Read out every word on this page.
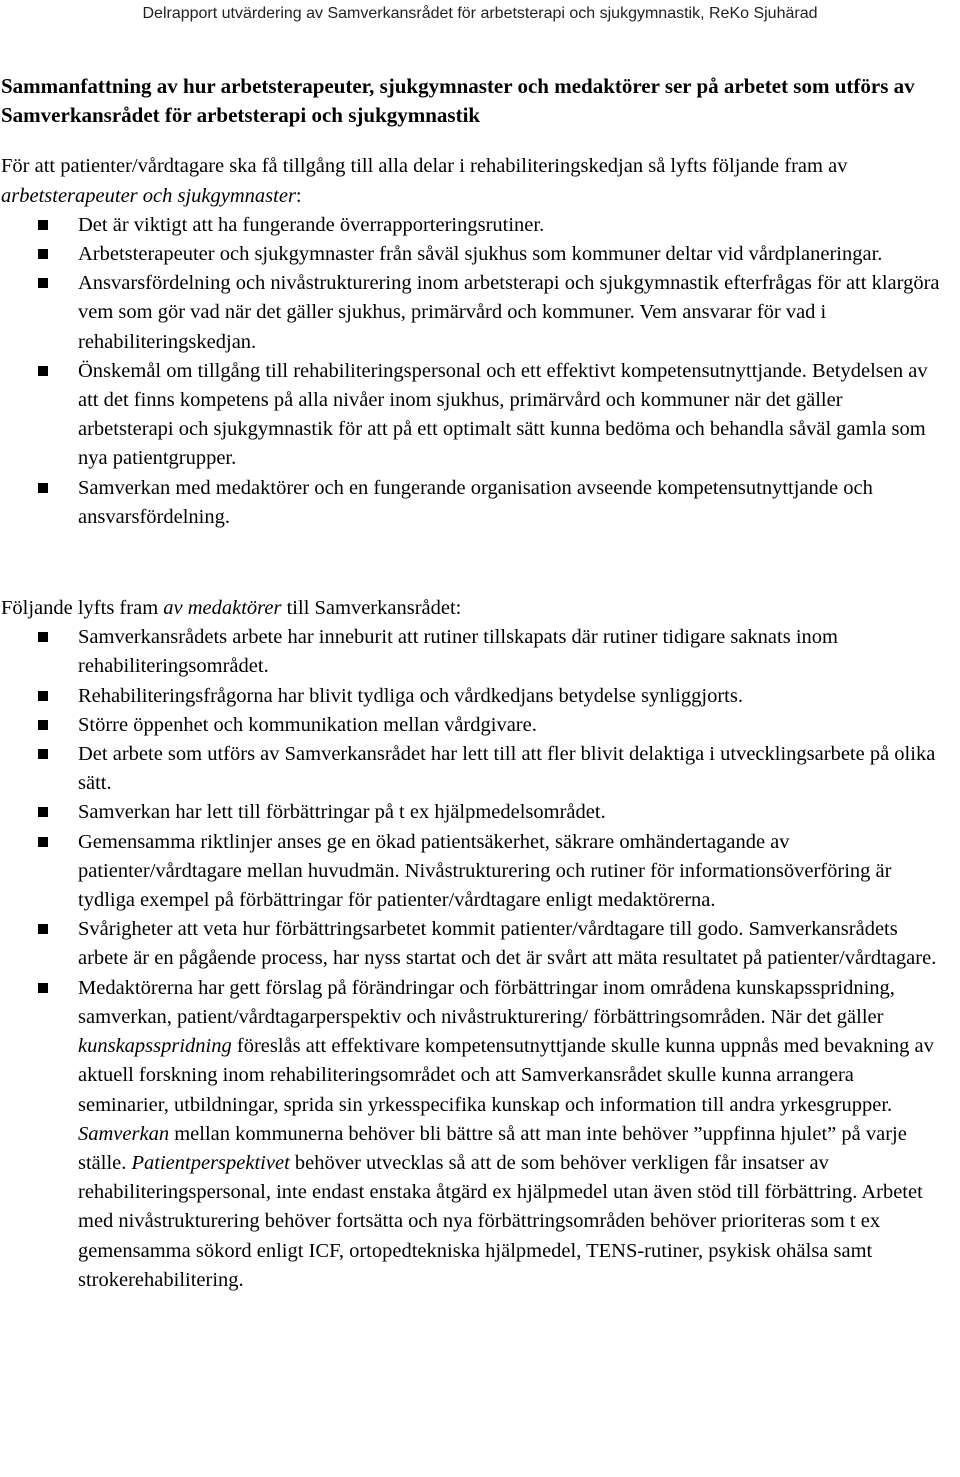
Delrapport utvärdering av Samverkansrådet för arbetsterapi och sjukgymnastik, ReKo Sjuhärad

Sammanfattning av hur arbetsterapeuter, sjukgymnaster och medaktörer ser på arbetet som utförs av Samverkansrådet för arbetsterapi och sjukgymnastik

För att patienter/vårdtagare ska få tillgång till alla delar i rehabiliteringskedjan så lyfts följande fram av arbetsterapeuter och sjukgymnaster:

Det är viktigt att ha fungerande överrapporteringsrutiner.
Arbetsterapeuter och sjukgymnaster från såväl sjukhus som kommuner deltar vid vårdplaneringar.
Ansvarsfördelning och nivåstrukturering inom arbetsterapi och sjukgymnastik efterfrågas för att klargöra vem som gör vad när det gäller sjukhus, primärvård och kommuner. Vem ansvarar för vad i rehabiliteringskedjan.
Önskemål om tillgång till rehabiliteringspersonal och ett effektivt kompetensutnyttjande. Betydelsen av att det finns kompetens på alla nivåer inom sjukhus, primärvård och kommuner när det gäller arbetsterapi och sjukgymnastik för att på ett optimalt sätt kunna bedöma och behandla såväl gamla som nya patientgrupper.
Samverkan med medaktörer och en fungerande organisation avseende kompetensutnyttjande och ansvarsfördelning.

Följande lyfts fram av medaktörer till Samverkansrådet:

Samverkansrådets arbete har inneburit att rutiner tillskapats där rutiner tidigare saknats inom rehabiliteringsområdet.
Rehabiliteringsfrågorna har blivit tydliga och vårdkedjans betydelse synliggjorts.
Större öppenhet och kommunikation mellan vårdgivare.
Det arbete som utförs av Samverkansrådet har lett till att fler blivit delaktiga i utvecklingsarbete på olika sätt.
Samverkan har lett till förbättringar på t ex hjälpmedelsområdet.
Gemensamma riktlinjer anses ge en ökad patientsäkerhet, säkrare omhändertagande av patienter/vårdtagare mellan huvudmän. Nivåstrukturering och rutiner för informationsöverföring är tydliga exempel på förbättringar för patienter/vårdtagare enligt medaktörerna.
Svårigheter att veta hur förbättringsarbetet kommit patienter/vårdtagare till godo. Samverkansrådets arbete är en pågående process, har nyss startat och det är svårt att mäta resultatet på patienter/vårdtagare.
Medaktörerna har gett förslag på förändringar och förbättringar inom områdena kunskapsspridning, samverkan, patient/vårdtagarperspektiv och nivåstrukturering/ förbättringsområden. När det gäller kunskapsspridning föreslås att effektivare kompetensutnyttjande skulle kunna uppnås med bevakning av aktuell forskning inom rehabiliteringsområdet och att Samverkansrådet skulle kunna arrangera seminarier, utbildningar, sprida sin yrkesspecifika kunskap och information till andra yrkesgrupper. Samverkan mellan kommunerna behöver bli bättre så att man inte behöver ”uppfinna hjulet” på varje ställe. Patientperspektivet behöver utvecklas så att de som behöver verkligen får insatser av rehabiliteringspersonal, inte endast enstaka åtgärd ex hjälpmedel utan även stöd till förbättring. Arbetet med nivåstrukturering behöver fortsätta och nya förbättringsområden behöver prioriteras som t ex gemensamma sökord enligt ICF, ortopedtekniska hjälpmedel, TENS-rutiner, psykisk ohälsa samt strokerehabilitering.
